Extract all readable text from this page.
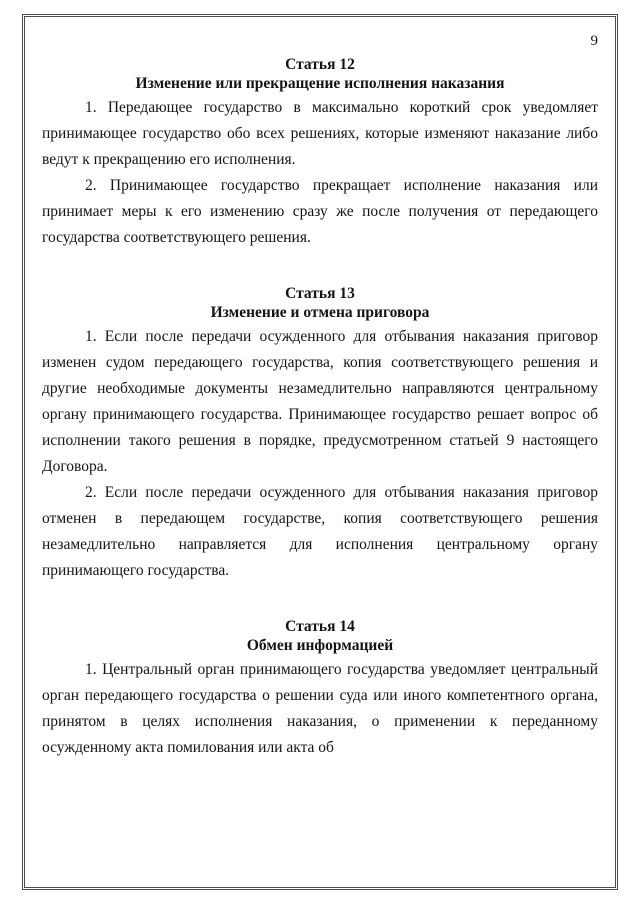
9

Статья 12

Изменение или прекращение исполнения наказания

1. Передающее государство в максимально короткий срок уведомляет принимающее государство обо всех решениях, которые изменяют наказание либо ведут к прекращению его исполнения.

2. Принимающее государство прекращает исполнение наказания или принимает меры к его изменению сразу же после получения от передающего государства соответствующего решения.

Статья 13

Изменение и отмена приговора

1. Если после передачи осужденного для отбывания наказания приговор изменен судом передающего государства, копия соответствующего решения и другие необходимые документы незамедлительно направляются центральному органу принимающего государства. Принимающее государство решает вопрос об исполнении такого решения в порядке, предусмотренном статьей 9 настоящего Договора.

2. Если после передачи осужденного для отбывания наказания приговор отменен в передающем государстве, копия соответствующего решения незамедлительно направляется для исполнения центральному органу принимающего государства.

Статья 14

Обмен информацией

1. Центральный орган принимающего государства уведомляет центральный орган передающего государства о решении суда или иного компетентного органа, принятом в целях исполнения наказания, о применении к переданному осужденному акта помилования или акта об
